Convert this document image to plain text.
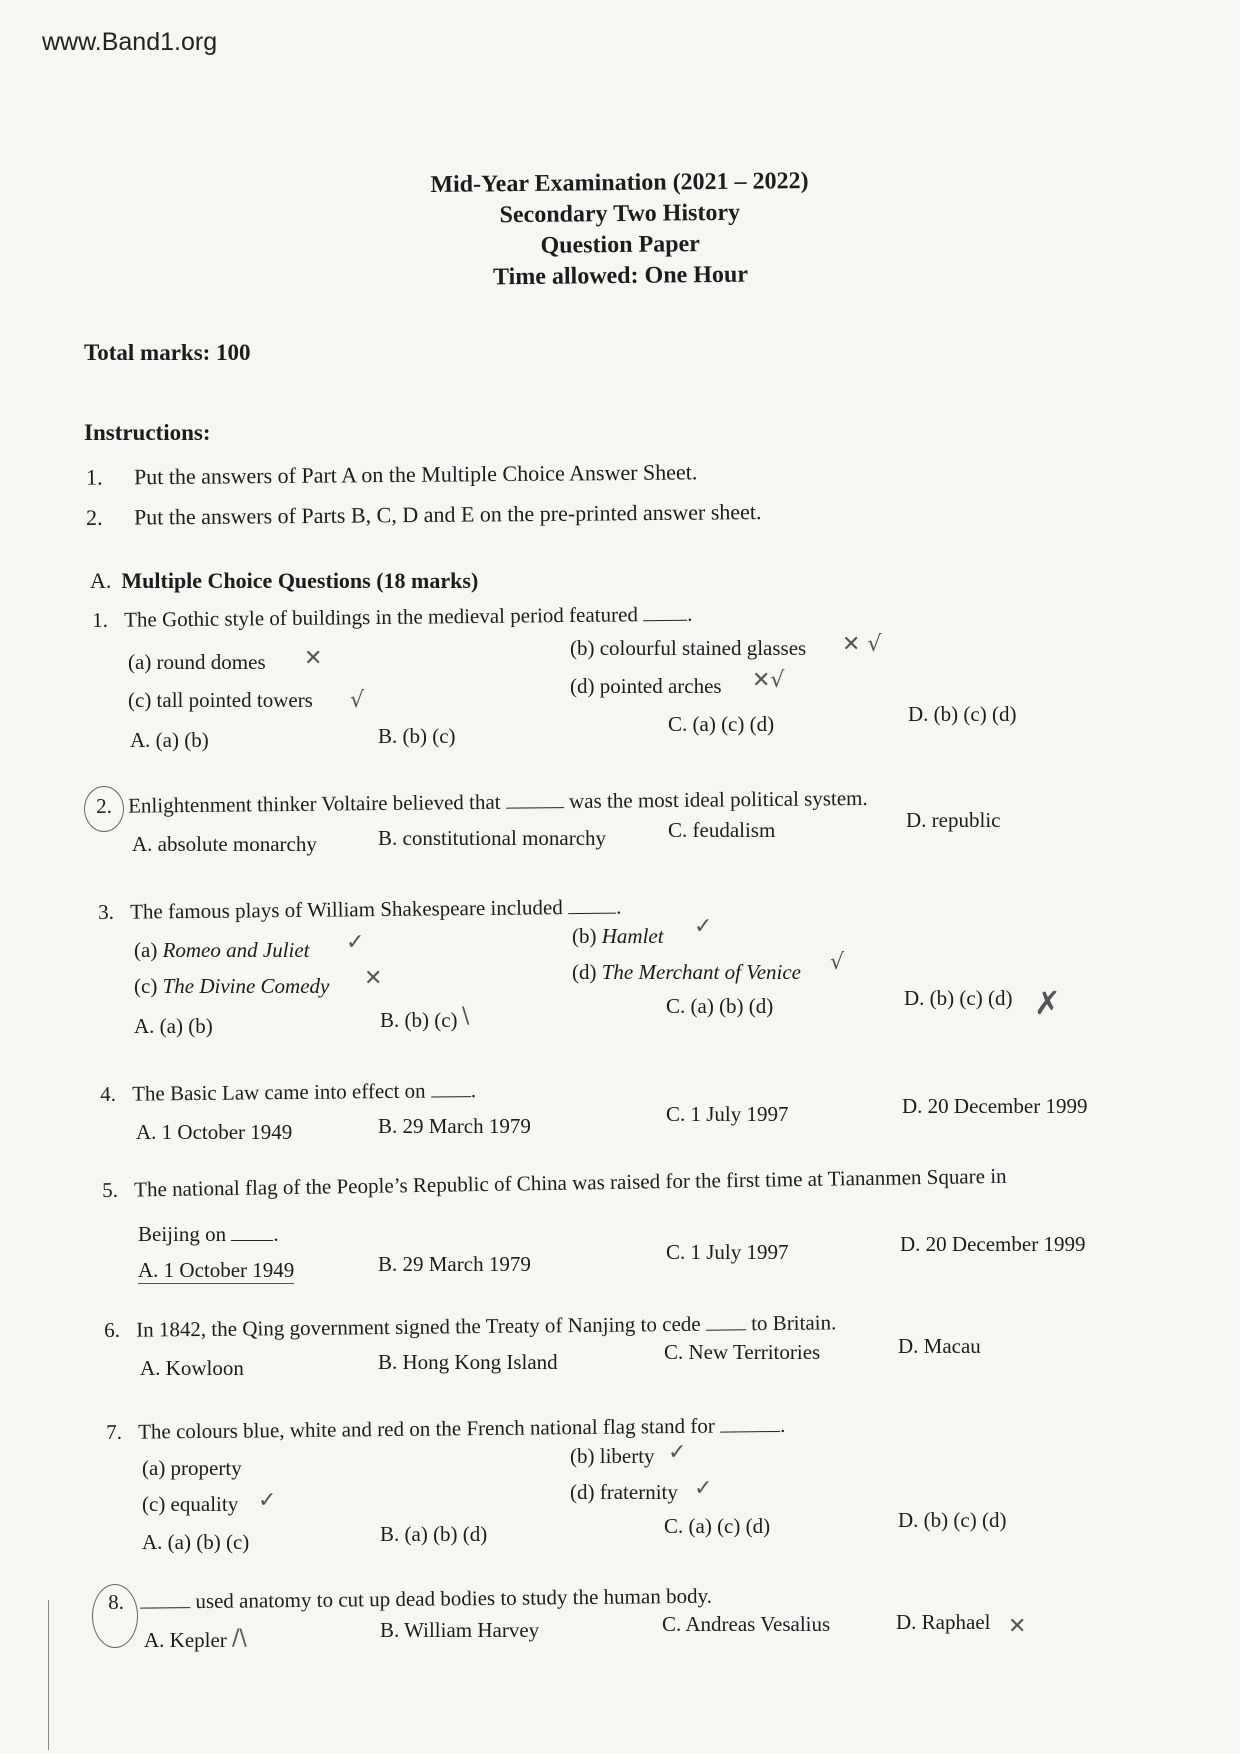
www.Band1.org
Mid-Year Examination (2021 – 2022)
Secondary Two History
Question Paper
Time allowed: One Hour
Total marks: 100
Instructions:
1. Put the answers of Part A on the Multiple Choice Answer Sheet.
2. Put the answers of Parts B, C, D and E on the pre-printed answer sheet.
A. Multiple Choice Questions (18 marks)
1. The Gothic style of buildings in the medieval period featured .
(a) round domes
(b) colourful stained glasses
(c) tall pointed towers
(d) pointed arches
A. (a) (b)	B. (b) (c)	C. (a) (c) (d)	D. (b) (c) (d)
✕
✕ √
√
✕√
2. Enlightenment thinker Voltaire believed that	was the most ideal political system.
A. absolute monarchy	B. constitutional monarchy	C. feudalism	D. republic
3. The famous plays of William Shakespeare included	.
(a) Romeo and Juliet
(b) Hamlet
(c) The Divine Comedy
(d) The Merchant of Venice
A. (a) (b)	B. (b) (c)
C. (a) (b) (d)	D. (b) (c) (d)
✓
✓
✕
√
\	✗
4. The Basic Law came into effect on .
A. 1 October 1949	B. 29 March 1979	C. 1 July 1997	D. 20 December 1999
5. The national flag of the People’s Republic of China was raised for the first time at Tiananmen Square in
Beijing on .
A. 1 October 1949	B. 29 March 1979	C. 1 July 1997	D. 20 December 1999
6. In 1842, the Qing government signed the Treaty of Nanjing to cede to Britain.
A. Kowloon	B. Hong Kong Island	C. New Territories	D. Macau
7. The colours blue, white and red on the French national flag stand for	.
(a) property	(b) liberty
(c) equality	(d) fraternity
A. (a) (b) (c)	B. (a) (b) (d)	C. (a) (c) (d)	D. (b) (c) (d)
✓
✓	✓
8.	used anatomy to cut up dead bodies to study the human body.
A. Kepler	B. William Harvey	C. Andreas Vesalius	D. Raphael
/\	✕
